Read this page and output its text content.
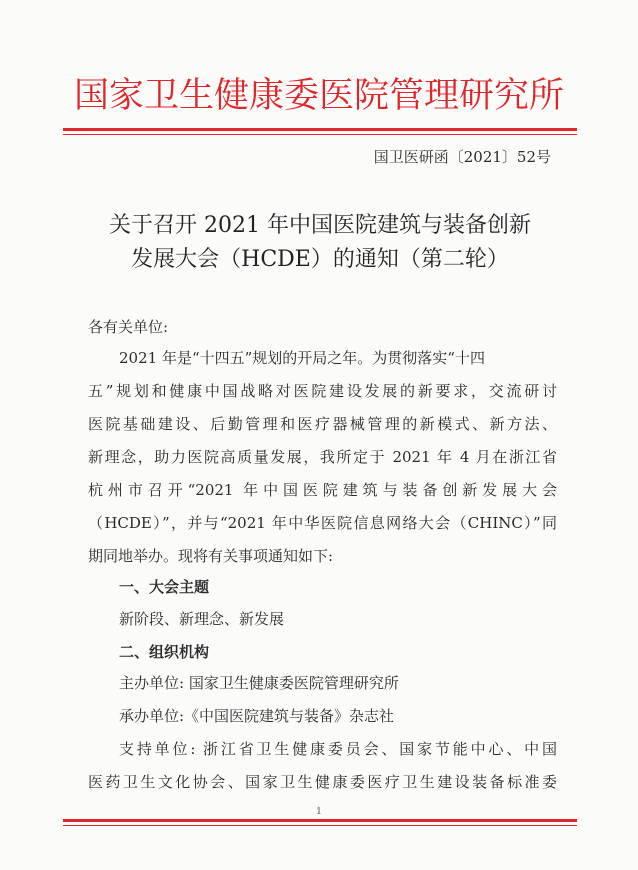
国家卫生健康委医院管理研究所
国卫医研函〔2021〕52号
关于召开 2021 年中国医院建筑与装备创新
发展大会（HCDE）的通知（第二轮）
各有关单位:
2021 年是“十四五”规划的开局之年。为贯彻落实“十四
五”规划和健康中国战略对医院建设发展的新要求，交流研讨
医院基础建设、后勤管理和医疗器械管理的新模式、新方法、
新理念，助力医院高质量发展，我所定于 2021 年 4 月在浙江省
杭州市召开“2021 年中国医院建筑与装备创新发展大会
（HCDE）”，并与“2021 年中华医院信息网络大会（CHINC）”同
期同地举办。现将有关事项通知如下:
一、大会主题
新阶段、新理念、新发展
二、组织机构
主办单位: 国家卫生健康委医院管理研究所
承办单位:《中国医院建筑与装备》杂志社
支持单位: 浙江省卫生健康委员会、国家节能中心、中国
医药卫生文化协会、国家卫生健康委医疗卫生建设装备标准委
1
